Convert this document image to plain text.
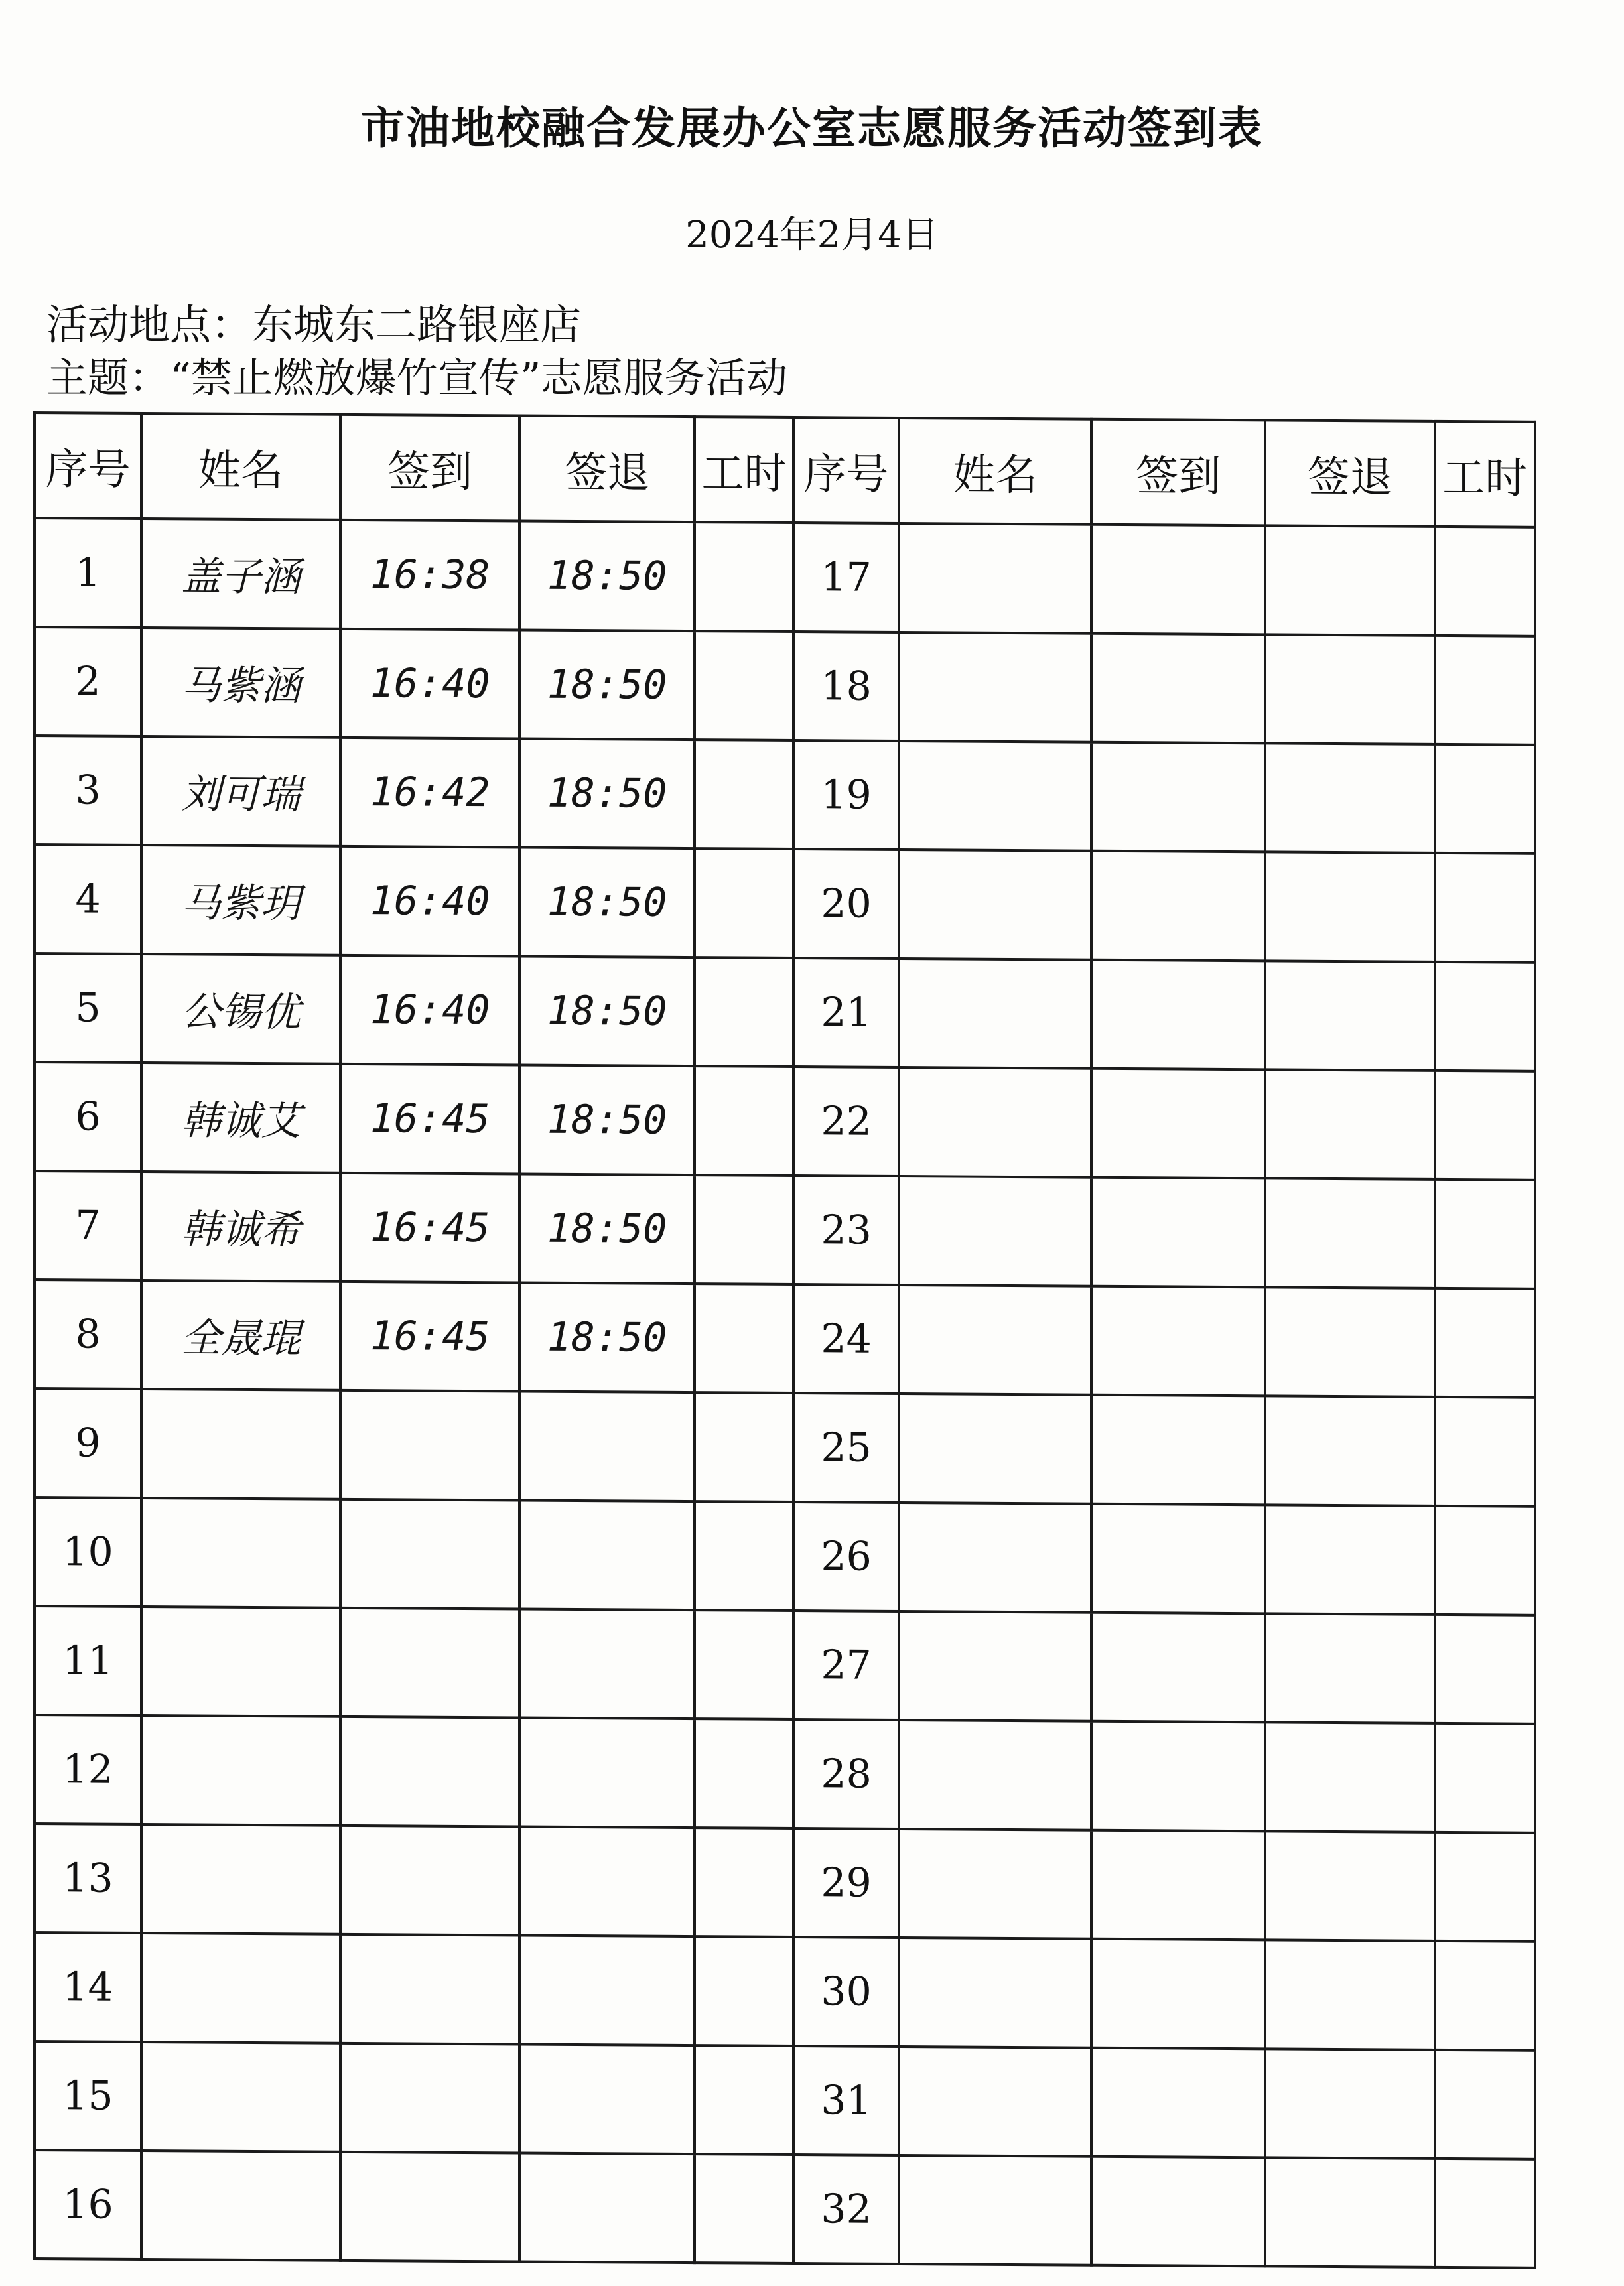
市油地校融合发展办公室志愿服务活动签到表
2024年2月4日
活动地点：东城东二路银座店
主题：“禁止燃放爆竹宣传”志愿服务活动
序号	姓名	签到	签退	工时	序号	姓名	签到	签退	工时
1	盖子涵	16:38	18:50		17				
2	马紫涵	16:40	18:50		18				
3	刘可瑞	16:42	18:50		19				
4	马紫玥	16:40	18:50		20				
5	公锡优	16:40	18:50		21				
6	韩诚艾	16:45	18:50		22				
7	韩诚希	16:45	18:50		23				
8	全晟琨	16:45	18:50		24				
9					25				
10					26				
11					27				
12					28				
13					29				
14					30				
15					31				
16					32				
